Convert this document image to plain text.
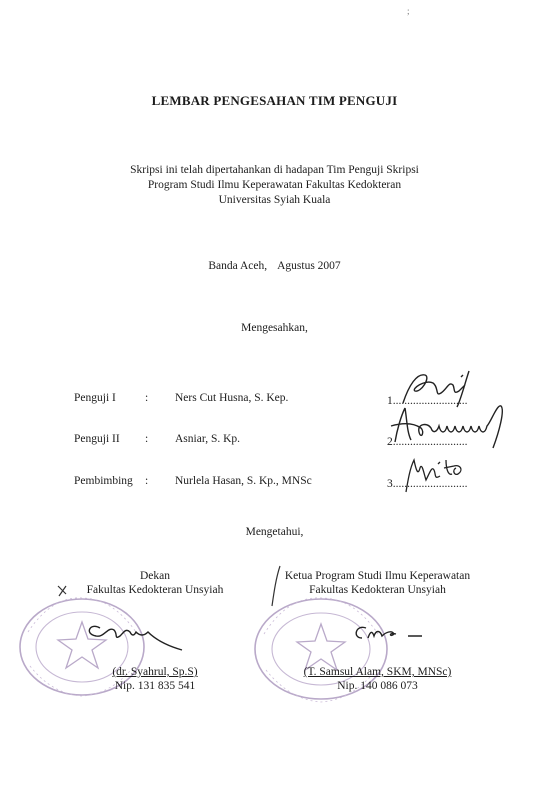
;
LEMBAR PENGESAHAN TIM PENGUJI
Skripsi ini telah dipertahankan di hadapan Tim Penguji Skripsi
Program Studi Ilmu Keperawatan Fakultas Kedokteran
Universitas Syiah Kuala
Banda Aceh, Agustus 2007
Mengesahkan,
Penguji I	: Ners Cut Husna, S. Kep.	1..........................
Penguji II : Asniar, S. Kp.	2..........................
Pembimbing : Nurlela Hasan, S. Kp., MNSc	3..........................
Mengetahui,
Dekan
Fakultas Kedokteran Unsyiah
(dr. Syahrul, Sp.S)
Nip. 131 835 541
Ketua Program Studi Ilmu Keperawatan
Fakultas Kedokteran Unsyiah
(T. Samsul Alam, SKM, MNSc)
Nip. 140 086 073
